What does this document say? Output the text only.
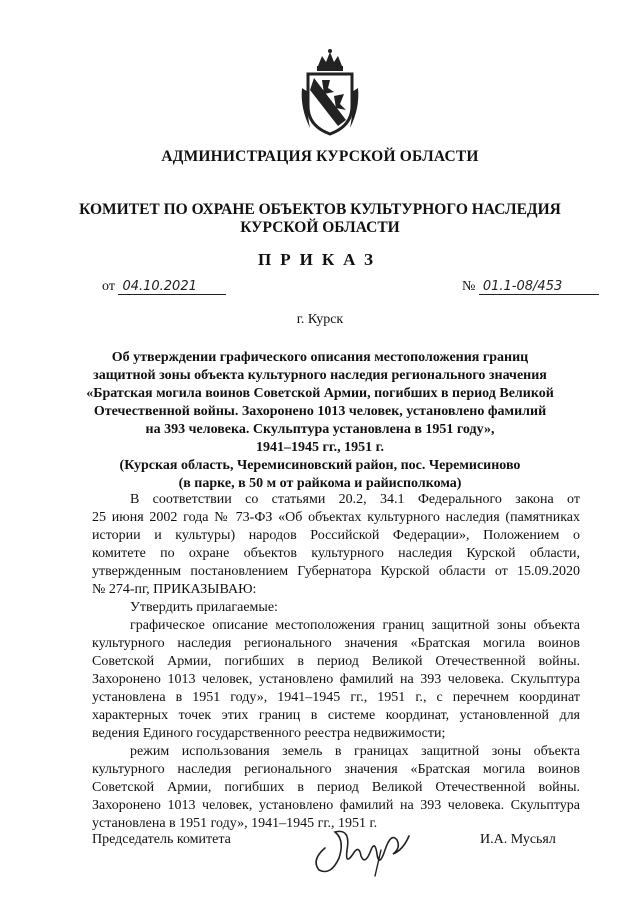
АДМИНИСТРАЦИЯ КУРСКОЙ ОБЛАСТИ
КОМИТЕТ ПО ОХРАНЕ ОБЪЕКТОВ КУЛЬТУРНОГО НАСЛЕДИЯ
КУРСКОЙ ОБЛАСТИ
ПРИКАЗ
от 04.10.2021	№ 01.1-08/453
г. Курск
Об утверждении графического описания местоположения границ
защитной зоны объекта культурного наследия регионального значения
«Братская могила воинов Советской Армии, погибших в период Великой
Отечественной войны. Захоронено 1013 человек, установлено фамилий
на 393 человека. Скульптура установлена в 1951 году»,
1941–1945 гг., 1951 г.
(Курская область, Черемисиновский район, пос. Черемисиново
(в парке, в 50 м от райкома и райисполкома)
В соответствии со статьями 20.2, 34.1 Федерального закона от
25 июня 2002 года № 73-ФЗ «Об объектах культурного наследия (памятниках
истории и культуры) народов Российской Федерации», Положением о
комитете по охране объектов культурного наследия Курской области,
утвержденным постановлением Губернатора Курской области от 15.09.2020
№ 274-пг, ПРИКАЗЫВАЮ:
Утвердить прилагаемые:
графическое описание местоположения границ защитной зоны объекта
культурного наследия регионального значения «Братская могила воинов
Советской Армии, погибших в период Великой Отечественной войны.
Захоронено 1013 человек, установлено фамилий на 393 человека. Скульптура
установлена в 1951 году», 1941–1945 гг., 1951 г., с перечнем координат
характерных точек этих границ в системе координат, установленной для
ведения Единого государственного реестра недвижимости;
режим использования земель в границах защитной зоны объекта
культурного наследия регионального значения «Братская могила воинов
Советской Армии, погибших в период Великой Отечественной войны.
Захоронено 1013 человек, установлено фамилий на 393 человека. Скульптура
установлена в 1951 году», 1941–1945 гг., 1951 г.
Председатель комитета	И.А. Мусьял
